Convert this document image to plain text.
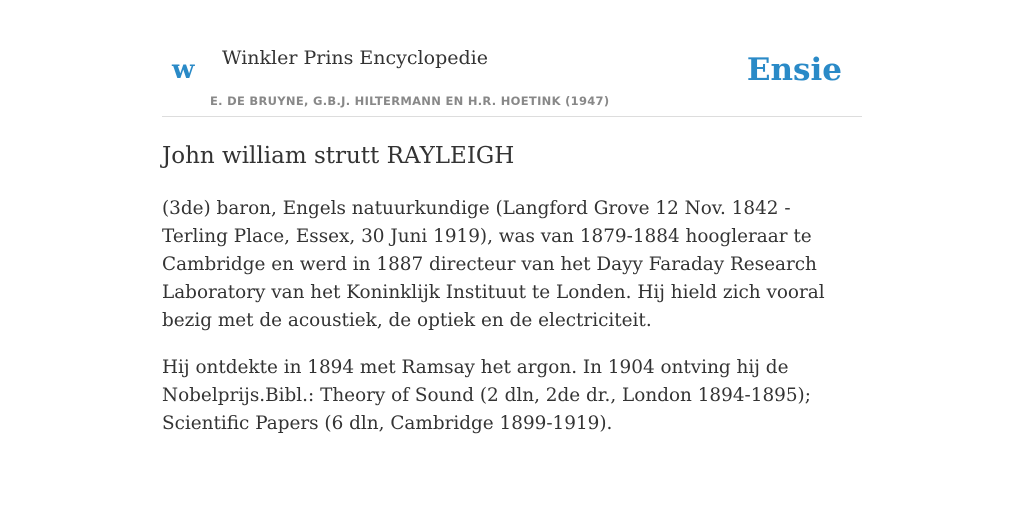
w Winkler Prins Encyclopedie
E. DE BRUYNE, G.B.J. HILTERMANN EN H.R. HOETINK (1947)
Ensie
John william strutt RAYLEIGH

(3de) baron, Engels natuurkundige (Langford Grove 12 Nov. 1842 - Terling Place, Essex, 30 Juni 1919), was van 1879-1884 hoogleraar te Cambridge en werd in 1887 directeur van het Dayy Faraday Research Laboratory van het Koninklijk Instituut te Londen. Hij hield zich vooral bezig met de acoustiek, de optiek en de electriciteit.

Hij ontdekte in 1894 met Ramsay het argon. In 1904 ontving hij de Nobelprijs.Bibl.: Theory of Sound (2 dln, 2de dr., London 1894-1895); Scientific Papers (6 dln, Cambridge 1899-1919).
